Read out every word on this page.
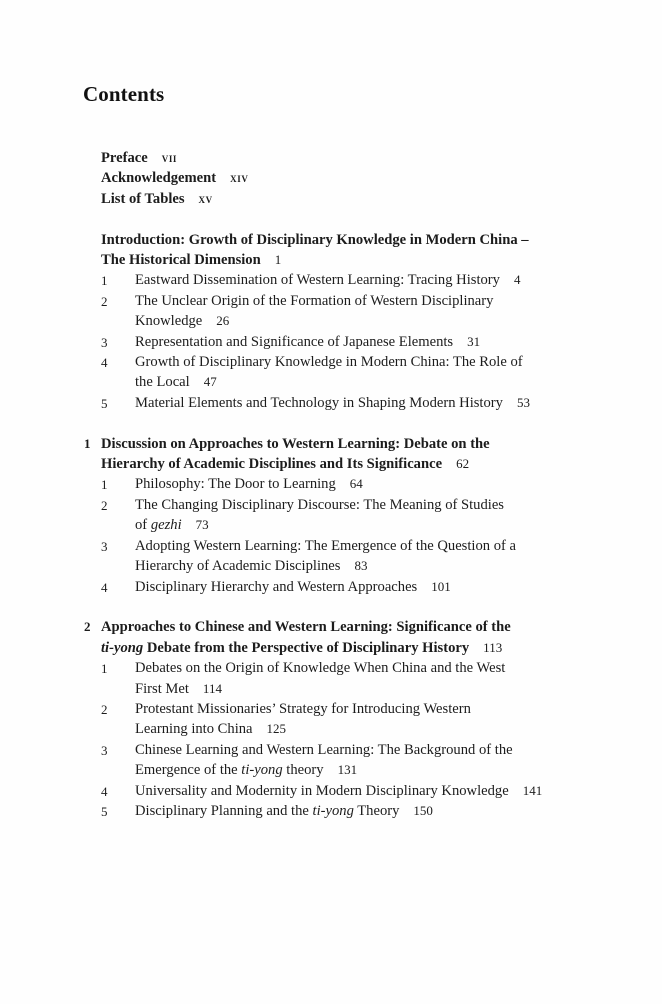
Contents
Preface vii
Acknowledgement xiv
List of Tables xv
Introduction: Growth of Disciplinary Knowledge in Modern China –
The Historical Dimension 1
1 Eastward Dissemination of Western Learning: Tracing History 4
2 The Unclear Origin of the Formation of Western Disciplinary
Knowledge 26
3 Representation and Significance of Japanese Elements 31
4 Growth of Disciplinary Knowledge in Modern China: The Role of
the Local 47
5 Material Elements and Technology in Shaping Modern History 53
1 Discussion on Approaches to Western Learning: Debate on the
Hierarchy of Academic Disciplines and Its Significance 62
1 Philosophy: The Door to Learning 64
2 The Changing Disciplinary Discourse: The Meaning of Studies
of gezhi 73
3 Adopting Western Learning: The Emergence of the Question of a
Hierarchy of Academic Disciplines 83
4 Disciplinary Hierarchy and Western Approaches 101
2 Approaches to Chinese and Western Learning: Significance of the
ti-yong Debate from the Perspective of Disciplinary History 113
1 Debates on the Origin of Knowledge When China and the West
First Met 114
2 Protestant Missionaries’ Strategy for Introducing Western
Learning into China 125
3 Chinese Learning and Western Learning: The Background of the
Emergence of the ti-yong theory 131
4 Universality and Modernity in Modern Disciplinary Knowledge 141
5 Disciplinary Planning and the ti-yong Theory 150
